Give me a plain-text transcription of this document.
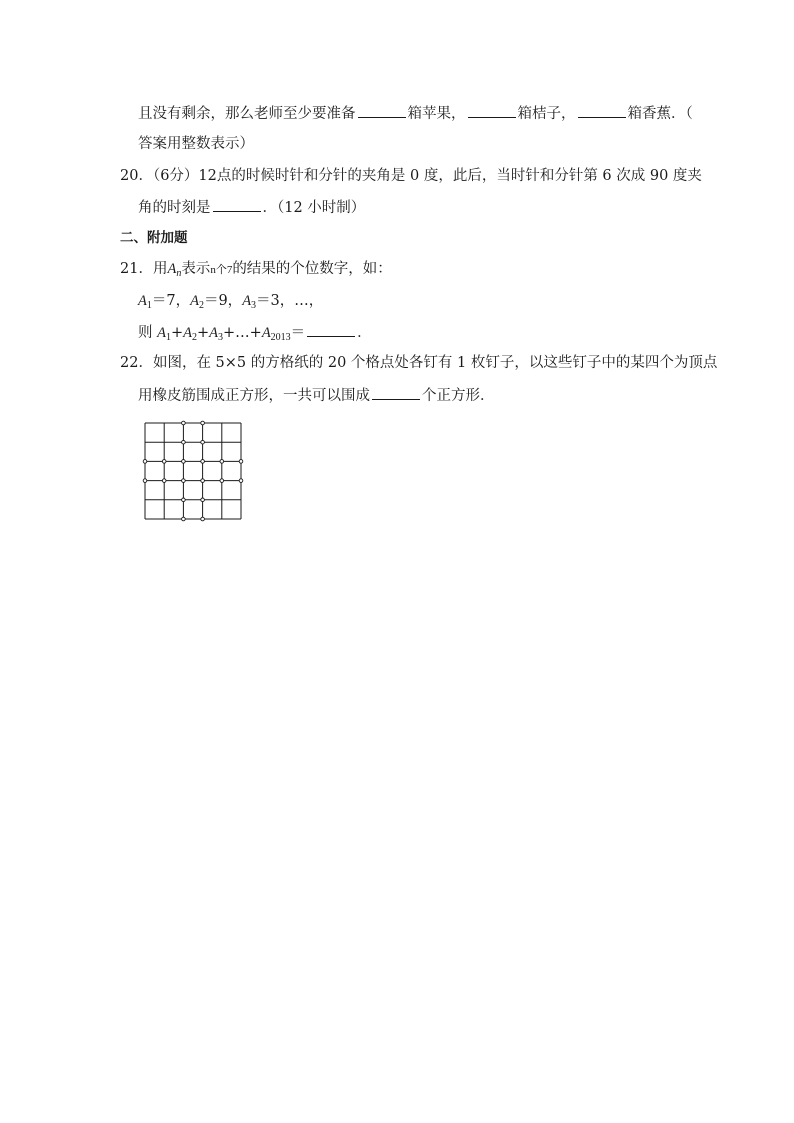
且没有剩余，那么老师至少要准备	箱苹果，	箱桔子，	箱香蕉．（
答案用整数表示）
20．（6分）12点的时候时针和分针的夹角是 0 度，此后，当时针和分针第 6 次成 90 度夹
角的时刻是	．（12 小时制）
二、附加题
21．用$A_n$表示n个7的结果的个位数字，如：
$A_1=7$，$A_2=9$，$A_3=3$，…，
则 $A_1+A_2+A_3+\dots+A_{2013}=$	．
22．如图，在 5×5 的方格纸的 20 个格点处各钉有 1 枚钉子，以这些钉子中的某四个为顶点
用橡皮筋围成正方形，一共可以围成	个正方形．
